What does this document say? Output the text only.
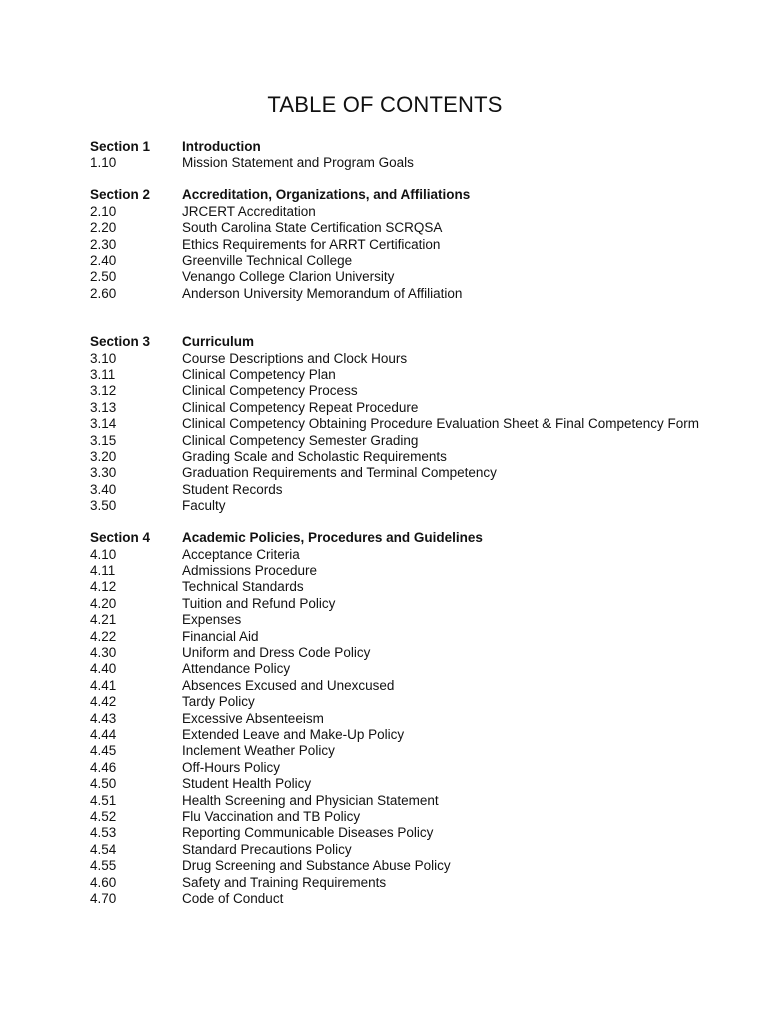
TABLE OF CONTENTS
Section 1	Introduction
1.10	Mission Statement and Program Goals
Section 2	Accreditation, Organizations, and Affiliations
2.10	JRCERT Accreditation
2.20	South Carolina State Certification SCRQSA
2.30	Ethics Requirements for ARRT Certification
2.40	Greenville Technical College
2.50	Venango College Clarion University
2.60	Anderson University Memorandum of Affiliation
Section 3	Curriculum
3.10	Course Descriptions and Clock Hours
3.11	Clinical Competency Plan
3.12	Clinical Competency Process
3.13	Clinical Competency Repeat Procedure
3.14	Clinical Competency Obtaining Procedure Evaluation Sheet & Final Competency Form
3.15	Clinical Competency Semester Grading
3.20	Grading Scale and Scholastic Requirements
3.30	Graduation Requirements and Terminal Competency
3.40	Student Records
3.50	Faculty
Section 4	Academic Policies, Procedures and Guidelines
4.10	Acceptance Criteria
4.11	Admissions Procedure
4.12	Technical Standards
4.20	Tuition and Refund Policy
4.21	Expenses
4.22	Financial Aid
4.30	Uniform and Dress Code Policy
4.40	Attendance Policy
4.41	Absences Excused and Unexcused
4.42	Tardy Policy
4.43	Excessive Absenteeism
4.44	Extended Leave and Make-Up Policy
4.45	Inclement Weather Policy
4.46	Off-Hours Policy
4.50	Student Health Policy
4.51	Health Screening and Physician Statement
4.52	Flu Vaccination and TB Policy
4.53	Reporting Communicable Diseases Policy
4.54	Standard Precautions Policy
4.55	Drug Screening and Substance Abuse Policy
4.60	Safety and Training Requirements
4.70	Code of Conduct
